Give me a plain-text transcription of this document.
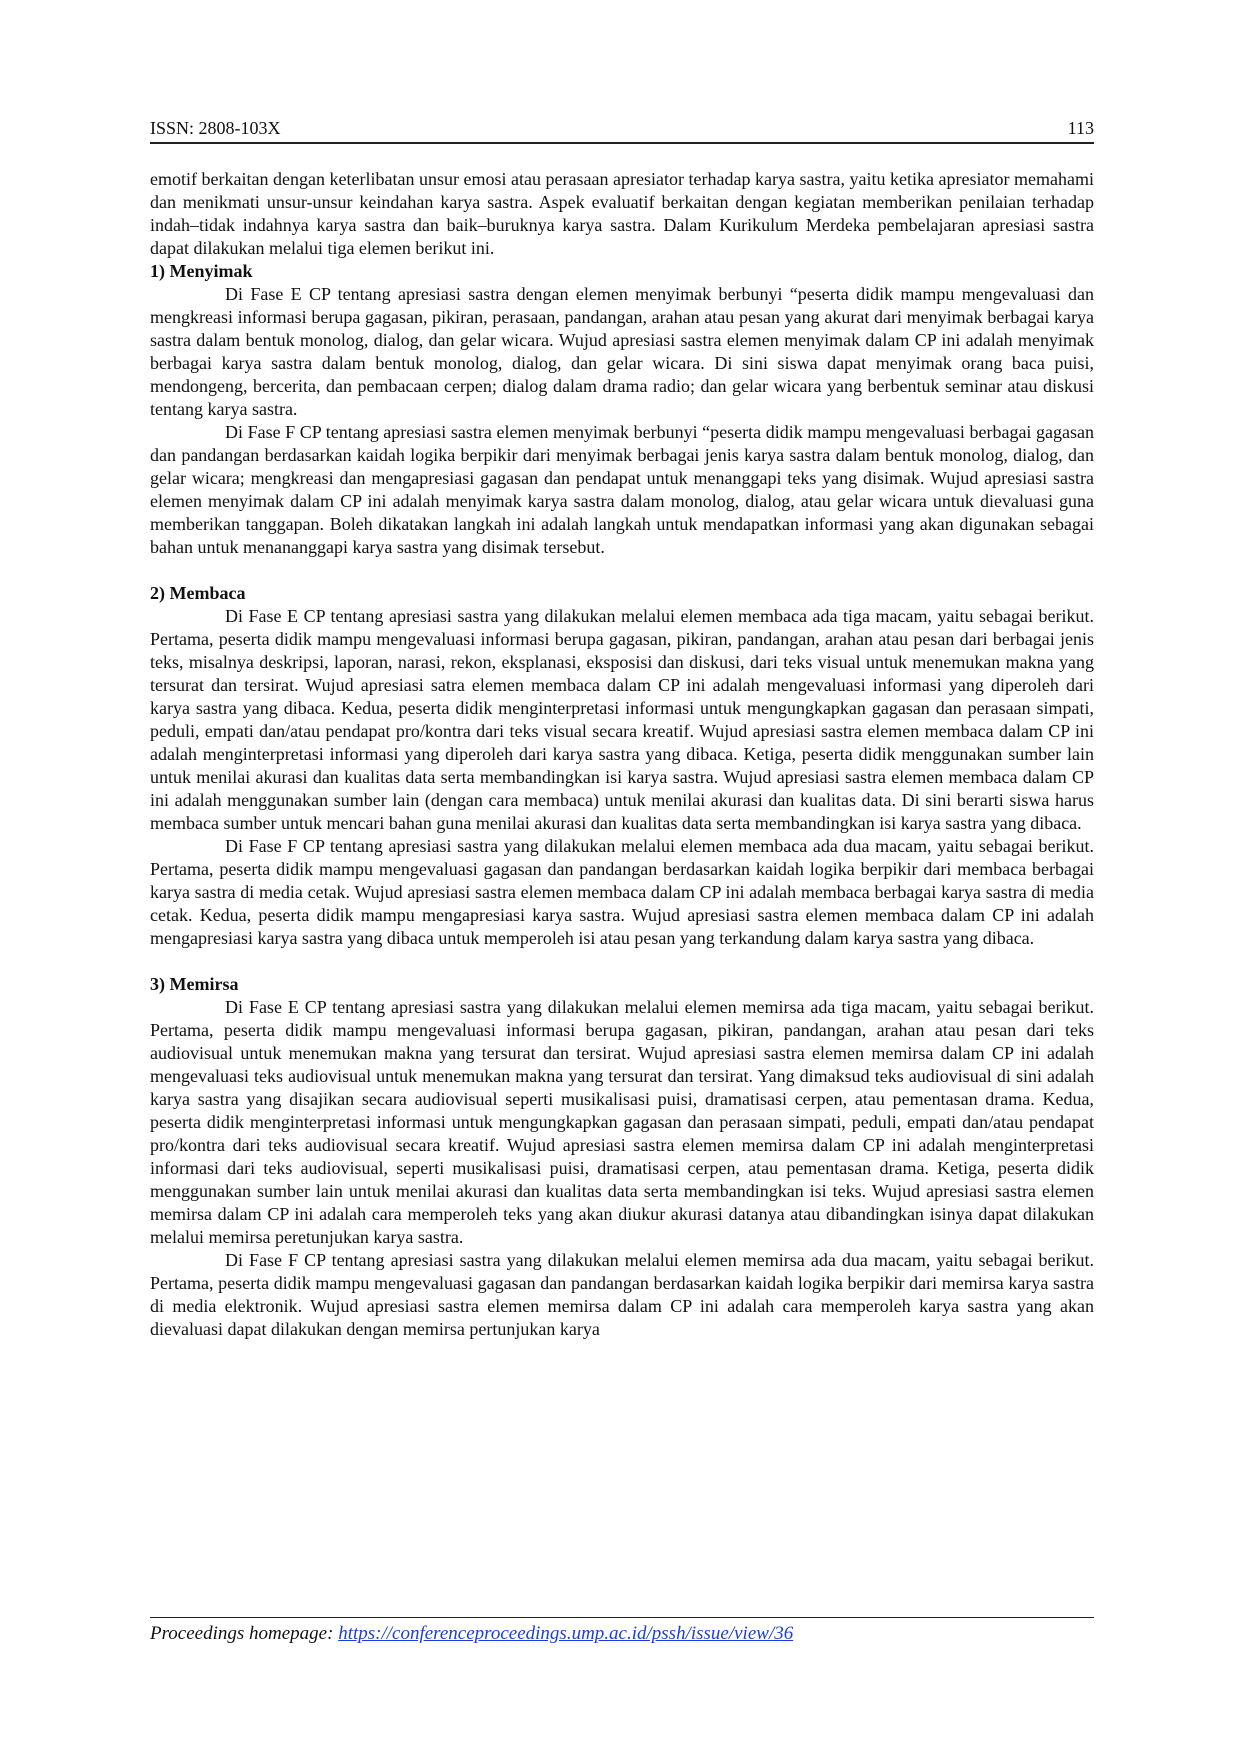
ISSN: 2808-103X	113

emotif berkaitan dengan keterlibatan unsur emosi atau perasaan apresiator terhadap karya sastra, yaitu ketika apresiator memahami dan menikmati unsur-unsur keindahan karya sastra. Aspek evaluatif berkaitan dengan kegiatan memberikan penilaian terhadap indah–tidak indahnya karya sastra dan baik–buruknya karya sastra. Dalam Kurikulum Merdeka pembelajaran apresiasi sastra dapat dilakukan melalui tiga elemen berikut ini.

1) Menyimak

Di Fase E CP tentang apresiasi sastra dengan elemen menyimak berbunyi “peserta didik mampu mengevaluasi dan mengkreasi informasi berupa gagasan, pikiran, perasaan, pandangan, arahan atau pesan yang akurat dari menyimak berbagai karya sastra dalam bentuk monolog, dialog, dan gelar wicara. Wujud apresiasi sastra elemen menyimak dalam CP ini adalah menyimak berbagai karya sastra dalam bentuk monolog, dialog, dan gelar wicara. Di sini siswa dapat menyimak orang baca puisi, mendongeng, bercerita, dan pembacaan cerpen; dialog dalam drama radio; dan gelar wicara yang berbentuk seminar atau diskusi tentang karya sastra.

Di Fase F CP tentang apresiasi sastra elemen menyimak berbunyi “peserta didik mampu mengevaluasi berbagai gagasan dan pandangan berdasarkan kaidah logika berpikir dari menyimak berbagai jenis karya sastra dalam bentuk monolog, dialog, dan gelar wicara; mengkreasi dan mengapresiasi gagasan dan pendapat untuk menanggapi teks yang disimak. Wujud apresiasi sastra elemen menyimak dalam CP ini adalah menyimak karya sastra dalam monolog, dialog, atau gelar wicara untuk dievaluasi guna memberikan tanggapan. Boleh dikatakan langkah ini adalah langkah untuk mendapatkan informasi yang akan digunakan sebagai bahan untuk menananggapi karya sastra yang disimak tersebut.

2) Membaca

Di Fase E CP tentang apresiasi sastra yang dilakukan melalui elemen membaca ada tiga macam, yaitu sebagai berikut. Pertama, peserta didik mampu mengevaluasi informasi berupa gagasan, pikiran, pandangan, arahan atau pesan dari berbagai jenis teks, misalnya deskripsi, laporan, narasi, rekon, eksplanasi, eksposisi dan diskusi, dari teks visual untuk menemukan makna yang tersurat dan tersirat. Wujud apresiasi satra elemen membaca dalam CP ini adalah mengevaluasi informasi yang diperoleh dari karya sastra yang dibaca. Kedua, peserta didik menginterpretasi informasi untuk mengungkapkan gagasan dan perasaan simpati, peduli, empati dan/atau pendapat pro/kontra dari teks visual secara kreatif. Wujud apresiasi sastra elemen membaca dalam CP ini adalah menginterpretasi informasi yang diperoleh dari karya sastra yang dibaca. Ketiga, peserta didik menggunakan sumber lain untuk menilai akurasi dan kualitas data serta membandingkan isi karya sastra. Wujud apresiasi sastra elemen membaca dalam CP ini adalah menggunakan sumber lain (dengan cara membaca) untuk menilai akurasi dan kualitas data. Di sini berarti siswa harus membaca sumber untuk mencari bahan guna menilai akurasi dan kualitas data serta membandingkan isi karya sastra yang dibaca.

Di Fase F CP tentang apresiasi sastra yang dilakukan melalui elemen membaca ada dua macam, yaitu sebagai berikut. Pertama, peserta didik mampu mengevaluasi gagasan dan pandangan berdasarkan kaidah logika berpikir dari membaca berbagai karya sastra di media cetak. Wujud apresiasi sastra elemen membaca dalam CP ini adalah membaca berbagai karya sastra di media cetak. Kedua, peserta didik mampu mengapresiasi karya sastra. Wujud apresiasi sastra elemen membaca dalam CP ini adalah mengapresiasi karya sastra yang dibaca untuk memperoleh isi atau pesan yang terkandung dalam karya sastra yang dibaca.

3) Memirsa

Di Fase E CP tentang apresiasi sastra yang dilakukan melalui elemen memirsa ada tiga macam, yaitu sebagai berikut. Pertama, peserta didik mampu mengevaluasi informasi berupa gagasan, pikiran, pandangan, arahan atau pesan dari teks audiovisual untuk menemukan makna yang tersurat dan tersirat. Wujud apresiasi sastra elemen memirsa dalam CP ini adalah mengevaluasi teks audiovisual untuk menemukan makna yang tersurat dan tersirat. Yang dimaksud teks audiovisual di sini adalah karya sastra yang disajikan secara audiovisual seperti musikalisasi puisi, dramatisasi cerpen, atau pementasan drama. Kedua, peserta didik menginterpretasi informasi untuk mengungkapkan gagasan dan perasaan simpati, peduli, empati dan/atau pendapat pro/kontra dari teks audiovisual secara kreatif. Wujud apresiasi sastra elemen memirsa dalam CP ini adalah menginterpretasi informasi dari teks audiovisual, seperti musikalisasi puisi, dramatisasi cerpen, atau pementasan drama. Ketiga, peserta didik menggunakan sumber lain untuk menilai akurasi dan kualitas data serta membandingkan isi teks. Wujud apresiasi sastra elemen memirsa dalam CP ini adalah cara memperoleh teks yang akan diukur akurasi datanya atau dibandingkan isinya dapat dilakukan melalui memirsa peretunjukan karya sastra.

Di Fase F CP tentang apresiasi sastra yang dilakukan melalui elemen memirsa ada dua macam, yaitu sebagai berikut. Pertama, peserta didik mampu mengevaluasi gagasan dan pandangan berdasarkan kaidah logika berpikir dari memirsa karya sastra di media elektronik. Wujud apresiasi sastra elemen memirsa dalam CP ini adalah cara memperoleh karya sastra yang akan dievaluasi dapat dilakukan dengan memirsa pertunjukan karya

Proceedings homepage: https://conferenceproceedings.ump.ac.id/pssh/issue/view/36
